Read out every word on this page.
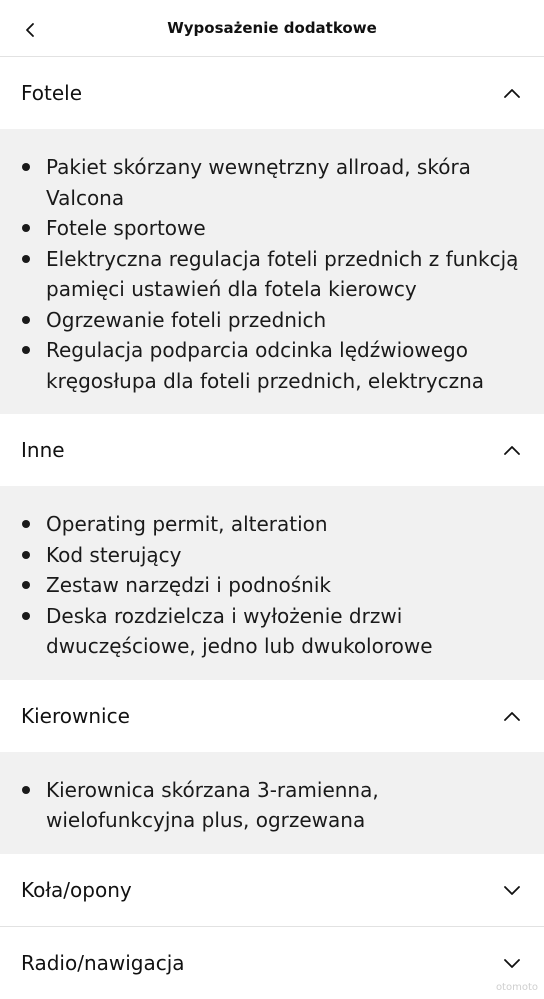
Wyposażenie dodatkowe
Fotele
Pakiet skórzany wewnętrzny allroad, skóra Valcona
Fotele sportowe
Elektryczna regulacja foteli przednich z funkcją pamięci ustawień dla fotela kierowcy
Ogrzewanie foteli przednich
Regulacja podparcia odcinka lędźwiowego kręgosłupa dla foteli przednich, elektryczna
Inne
Operating permit, alteration
Kod sterujący
Zestaw narzędzi i podnośnik
Deska rozdzielcza i wyłożenie drzwi dwuczęściowe, jedno lub dwukolorowe
Kierownice
Kierownica skórzana 3-ramienna, wielofunkcyjna plus, ogrzewana
Koła/opony
Radio/nawigacja
otomoto
